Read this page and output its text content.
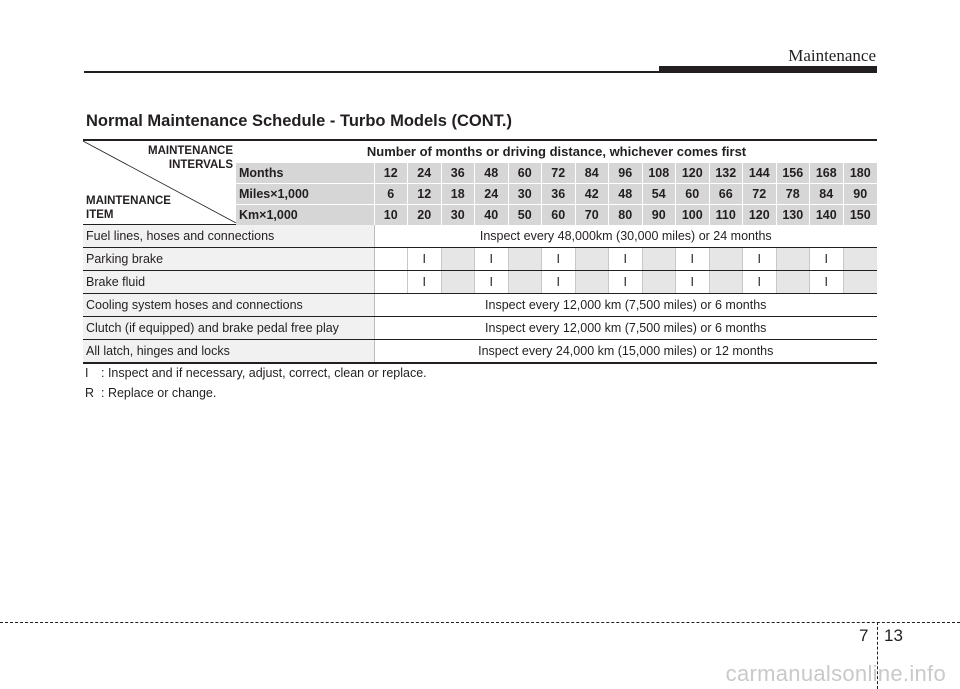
Maintenance
Normal Maintenance Schedule - Turbo Models (CONT.)
MAINTENANCE
INTERVALS
MAINTENANCE
ITEM	Number of months or driving distance, whichever comes first															
	Months	12	24	36	48	60	72	84	96	108	120	132	144	156	168	180
	Miles×1,000	6	12	18	24	30	36	42	48	54	60	66	72	78	84	90
	Km×1,000	10	20	30	40	50	60	70	80	90	100	110	120	130	140	150
Fuel lines, hoses and connections		Inspect every 48,000km (30,000 miles) or 24 months														
Parking brake			I		I		I		I		I		I		I	
Brake fluid			I		I		I		I		I		I		I	
Cooling system hoses and connections		Inspect every 12,000 km (7,500 miles) or 6 months														
Clutch (if equipped) and brake pedal free play		Inspect every 12,000 km (7,500 miles) or 6 months														
All latch, hinges and locks		Inspect every 24,000 km (15,000 miles) or 12 months														
I : Inspect and if necessary, adjust, correct, clean or replace.
R : Replace or change.
7 13
carmanualsonline.info
